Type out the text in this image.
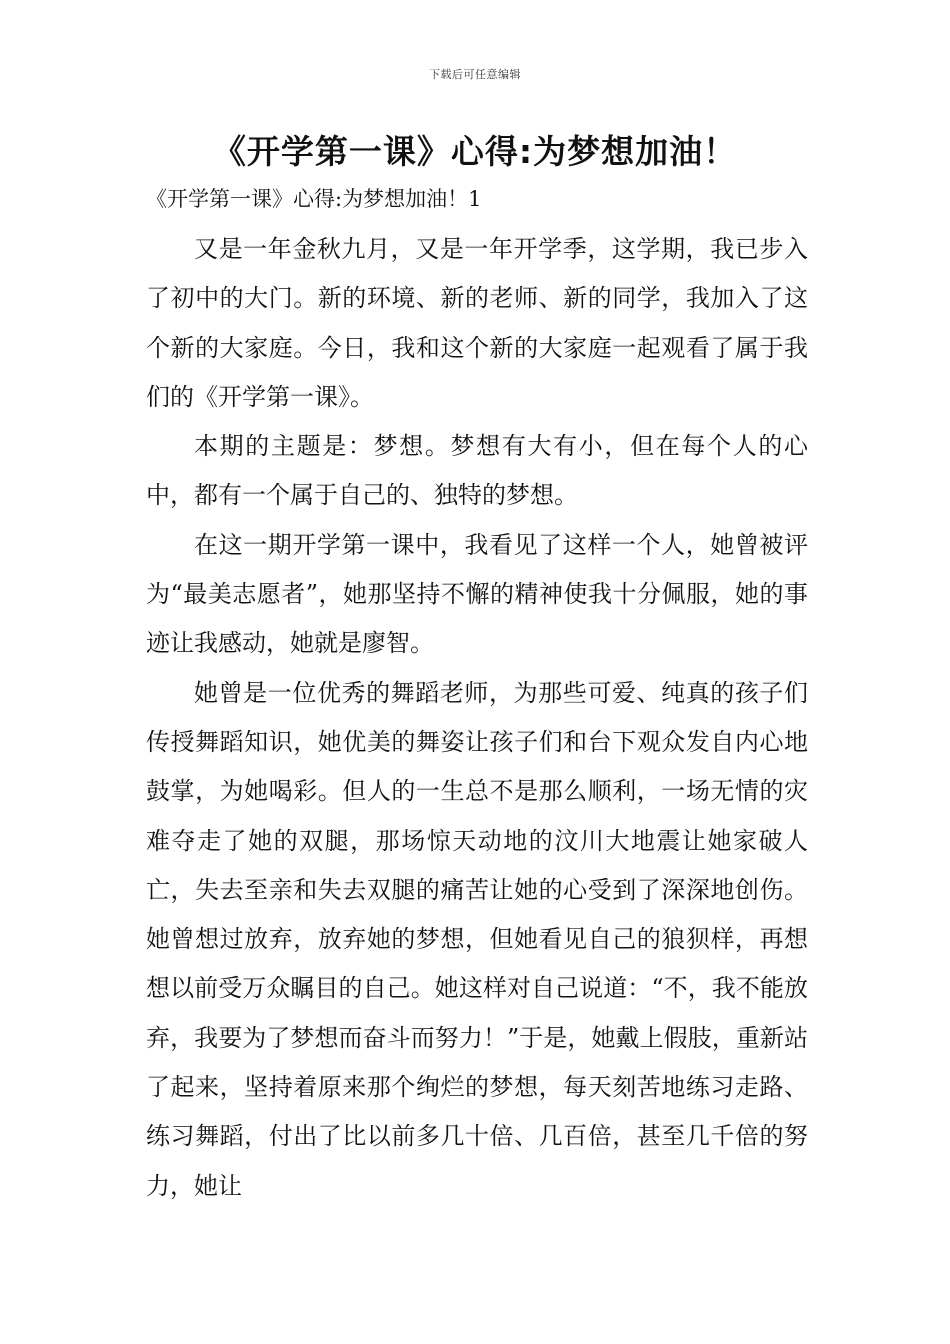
下载后可任意编辑
《开学第一课》心得:为梦想加油！

《开学第一课》心得:为梦想加油！1

又是一年金秋九月，又是一年开学季，这学期，我已步入了初中的大门。新的环境、新的老师、新的同学，我加入了这个新的大家庭。今日，我和这个新的大家庭一起观看了属于我们的《开学第一课》。

本期的主题是：梦想。梦想有大有小，但在每个人的心中，都有一个属于自己的、独特的梦想。

在这一期开学第一课中，我看见了这样一个人，她曾被评为“最美志愿者”，她那坚持不懈的精神使我十分佩服，她的事迹让我感动，她就是廖智。

她曾是一位优秀的舞蹈老师，为那些可爱、纯真的孩子们传授舞蹈知识，她优美的舞姿让孩子们和台下观众发自内心地鼓掌，为她喝彩。但人的一生总不是那么顺利，一场无情的灾难夺走了她的双腿，那场惊天动地的汶川大地震让她家破人亡，失去至亲和失去双腿的痛苦让她的心受到了深深地创伤。她曾想过放弃，放弃她的梦想，但她看见自己的狼狈样，再想想以前受万众瞩目的自己。她这样对自己说道：“不，我不能放弃，我要为了梦想而奋斗而努力！”于是，她戴上假肢，重新站了起来，坚持着原来那个绚烂的梦想，每天刻苦地练习走路、练习舞蹈，付出了比以前多几十倍、几百倍，甚至几千倍的努力，她让
